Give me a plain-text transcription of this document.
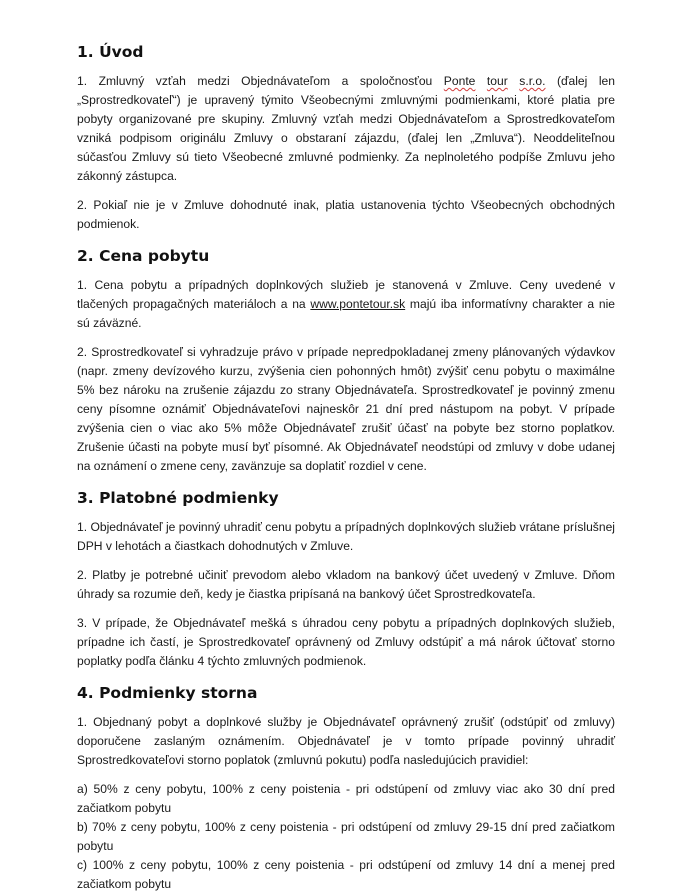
1. Úvod

1. Zmluvný vzťah medzi Objednávateľom a spoločnosťou Ponte tour s.r.o. (ďalej len „Sprostredkovateľ“) je upravený týmito Všeobecnými zmluvnými podmienkami, ktoré platia pre pobyty organizované pre skupiny. Zmluvný vzťah medzi Objednávateľom a Sprostredkovateľom vzniká podpisom originálu Zmluvy o obstaraní zájazdu, (ďalej len „Zmluva“). Neoddeliteľnou súčasťou Zmluvy sú tieto Všeobecné zmluvné podmienky. Za neplnoletého podpíše Zmluvu jeho zákonný zástupca.

2. Pokiaľ nie je v Zmluve dohodnuté inak, platia ustanovenia týchto Všeobecných obchodných podmienok.

2. Cena pobytu

1. Cena pobytu a prípadných doplnkových služieb je stanovená v Zmluve. Ceny uvedené v tlačených propagačných materiáloch a na www.pontetour.sk majú iba informatívny charakter a nie sú záväzné.

2. Sprostredkovateľ si vyhradzuje právo v prípade nepredpokladanej zmeny plánovaných výdavkov (napr. zmeny devízového kurzu, zvýšenia cien pohonných hmôt) zvýšiť cenu pobytu o maximálne 5% bez nároku na zrušenie zájazdu zo strany Objednávateľa. Sprostredkovateľ je povinný zmenu ceny písomne oznámiť Objednávateľovi najneskôr 21 dní pred nástupom na pobyt. V prípade zvýšenia cien o viac ako 5% môže Objednávateľ zrušiť účasť na pobyte bez storno poplatkov. Zrušenie účasti na pobyte musí byť písomné. Ak Objednávateľ neodstúpi od zmluvy v dobe udanej na oznámení o zmene ceny, zavänzuje sa doplatiť rozdiel v cene.

3. Platobné podmienky

1. Objednávateľ je povinný uhradiť cenu pobytu a prípadných doplnkových služieb vrátane príslušnej DPH v lehotách a čiastkach dohodnutých v Zmluve.

2. Platby je potrebné učiniť prevodom alebo vkladom na bankový účet uvedený v Zmluve. Dňom úhrady sa rozumie deň, kedy je čiastka pripísaná na bankový účet Sprostredkovateľa.

3. V prípade, že Objednávateľ mešká s úhradou ceny pobytu a prípadných doplnkových služieb, prípadne ich častí, je Sprostredkovateľ oprávnený od Zmluvy odstúpiť a má nárok účtovať storno poplatky podľa článku 4 týchto zmluvných podmienok.

4. Podmienky storna

1. Objednaný pobyt a doplnkové služby je Objednávateľ oprávnený zrušiť (odstúpiť od zmluvy) doporučene zaslaným oznámením. Objednávateľ je v tomto prípade povinný uhradiť Sprostredkovateľovi storno poplatok (zmluvnú pokutu) podľa nasledujúcich pravidiel:

a) 50% z ceny pobytu, 100% z ceny poistenia - pri odstúpení od zmluvy viac ako 30 dní pred začiatkom pobytu

b) 70% z ceny pobytu, 100% z ceny poistenia - pri odstúpení od zmluvy 29-15 dní pred začiatkom pobytu

c) 100% z ceny pobytu, 100% z ceny poistenia - pri odstúpení od zmluvy 14 dní a menej pred začiatkom pobytu
